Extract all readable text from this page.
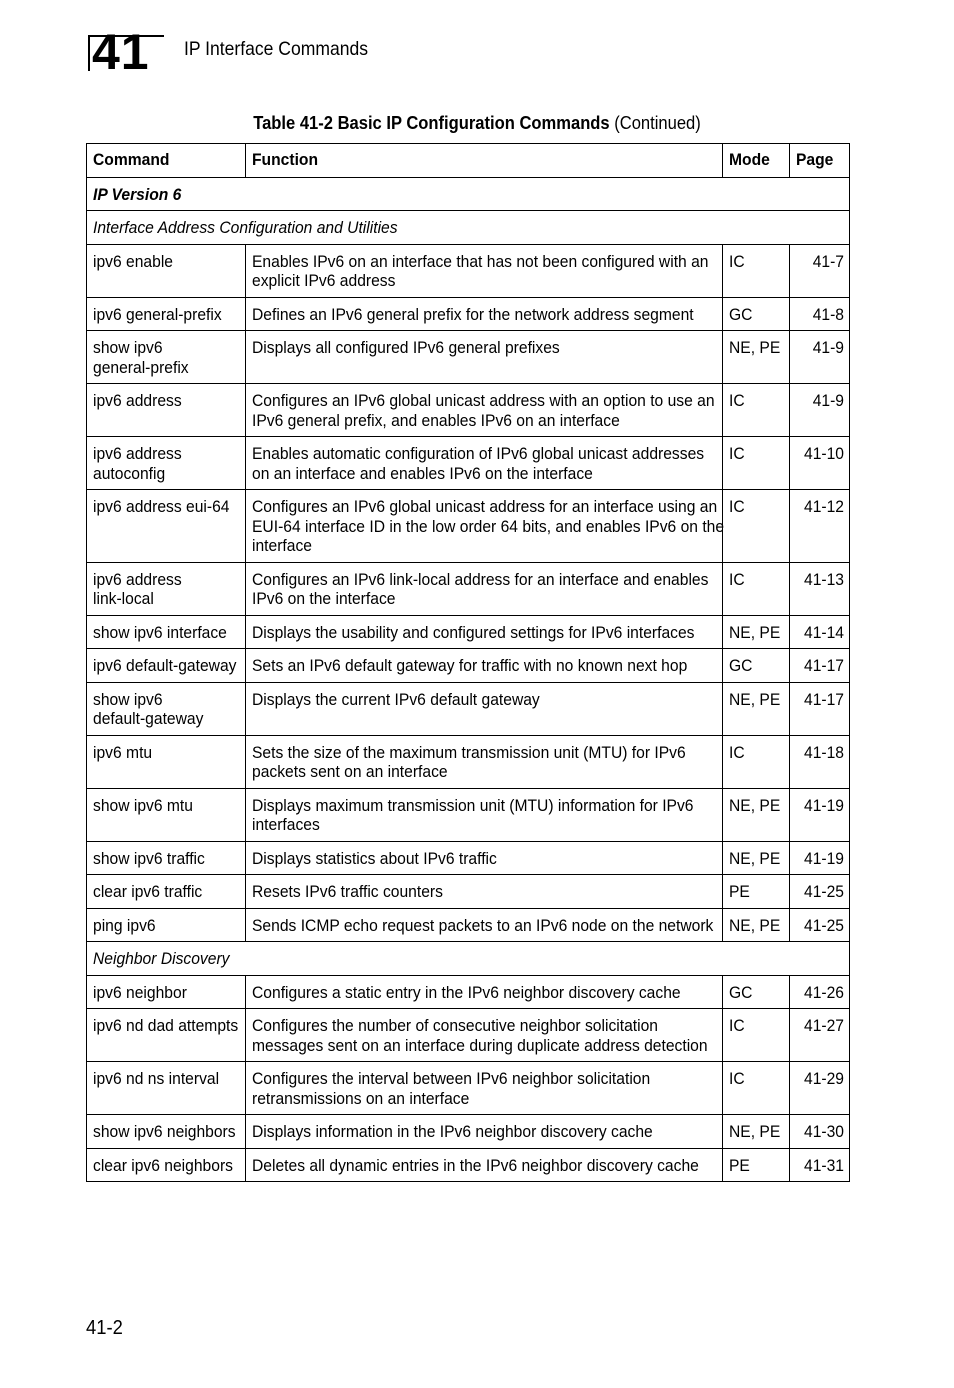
41 IP Interface Commands
Table 41-2 Basic IP Configuration Commands (Continued)
Command	Function	Mode	Page

IP Version 6			

Interface Address Configuration and Utilities			

ipv6 enable	Enables IPv6 on an interface that has not been configured with an
explicit IPv6 address	IC	41-7

ipv6 general-prefix	Defines an IPv6 general prefix for the network address segment	GC	41-8

show ipv6
general-prefix	Displays all configured IPv6 general prefixes	NE, PE	41-9

ipv6 address	Configures an IPv6 global unicast address with an option to use an
IPv6 general prefix, and enables IPv6 on an interface	IC	41-9

ipv6 address
autoconfig	Enables automatic configuration of IPv6 global unicast addresses
on an interface and enables IPv6 on the interface	IC	41-10

ipv6 address eui-64	Configures an IPv6 global unicast address for an interface using an
EUI-64 interface ID in the low order 64 bits, and enables IPv6 on the
interface	IC	41-12

ipv6 address
link-local	Configures an IPv6 link-local address for an interface and enables
IPv6 on the interface	IC	41-13

show ipv6 interface	Displays the usability and configured settings for IPv6 interfaces	NE, PE	41-14

ipv6 default-gateway	Sets an IPv6 default gateway for traffic with no known next hop	GC	41-17

show ipv6
default-gateway	Displays the current IPv6 default gateway	NE, PE	41-17

ipv6 mtu	Sets the size of the maximum transmission unit (MTU) for IPv6
packets sent on an interface	IC	41-18

show ipv6 mtu	Displays maximum transmission unit (MTU) information for IPv6
interfaces	NE, PE	41-19

show ipv6 traffic	Displays statistics about IPv6 traffic	NE, PE	41-19

clear ipv6 traffic	Resets IPv6 traffic counters	PE	41-25

ping ipv6	Sends ICMP echo request packets to an IPv6 node on the network	NE, PE	41-25

Neighbor Discovery			

ipv6 neighbor	Configures a static entry in the IPv6 neighbor discovery cache	GC	41-26

ipv6 nd dad attempts	Configures the number of consecutive neighbor solicitation
messages sent on an interface during duplicate address detection	IC	41-27

ipv6 nd ns interval	Configures the interval between IPv6 neighbor solicitation
retransmissions on an interface	IC	41-29

show ipv6 neighbors	Displays information in the IPv6 neighbor discovery cache	NE, PE	41-30

clear ipv6 neighbors	Deletes all dynamic entries in the IPv6 neighbor discovery cache	PE	41-31
41-2
